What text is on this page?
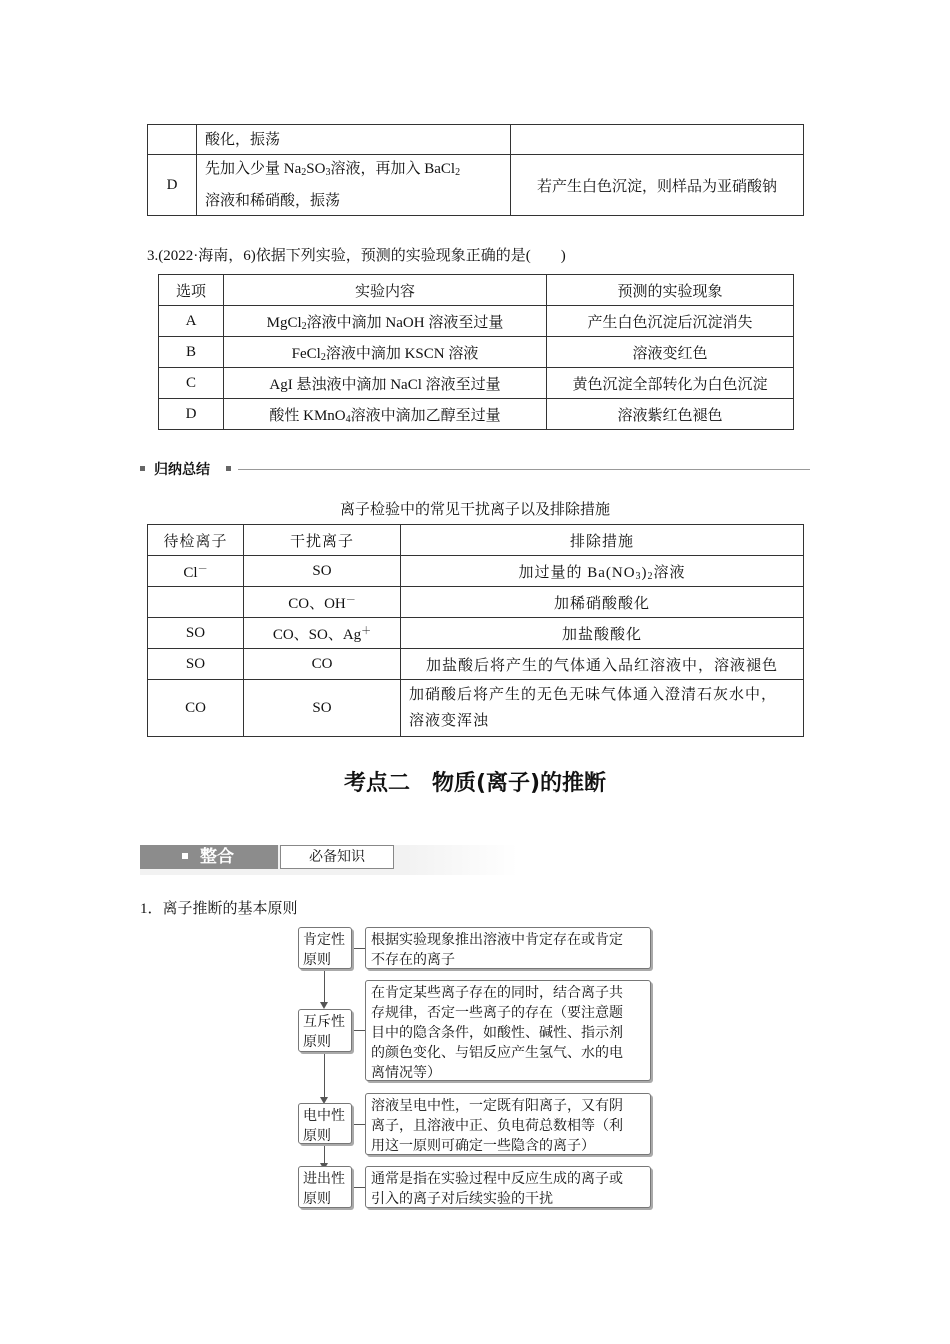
	酸化，振荡	
D	先加入少量 $Na_2SO_3$溶液，再加入 BaCl$_2$
溶液和稀硝酸，振荡	若产生白色沉淀，则样品为亚硝酸钠
3.(2022·海南，6)依据下列实验，预测的实验现象正确的是(　　)
选项	实验内容	预测的实验现象
A	MgCl$_2$溶液中滴加 NaOH 溶液至过量	产生白色沉淀后沉淀消失
B	FeCl$_2$溶液中滴加 KSCN 溶液	溶液变红色
C	AgI 悬浊液中滴加 NaCl 溶液至过量	黄色沉淀全部转化为白色沉淀
D	酸性 KMnO$_4$溶液中滴加乙醇至过量	溶液紫红色褪色
归纳总结
离子检验中的常见干扰离子以及排除措施
待检离子	干扰离子	排除措施
Cl－	SO	加过量的 $Ba(NO_3)_2$溶液
	CO、OH－	加稀硝酸酸化
SO	CO、SO、Ag＋	加盐酸酸化
SO	CO	加盐酸后将产生的气体通入品红溶液中，溶液褪色
CO	SO	加硝酸后将产生的无色无味气体通入澄清石灰水中，
溶液变浑浊
考点二　物质(离子)的推断
整合	必备知识
1．离子推断的基本原则
肯定性
原则
根据实验现象推出溶液中肯定存在或肯定
不存在的离子
互斥性
原则
在肯定某些离子存在的同时，结合离子共
存规律，否定一些离子的存在（要注意题
目中的隐含条件，如酸性、碱性、指示剂
的颜色变化、与铝反应产生氢气、水的电
离情况等）
电中性
原则
溶液呈电中性，一定既有阳离子，又有阴
离子，且溶液中正、负电荷总数相等（利
用这一原则可确定一些隐含的离子）
进出性
原则
通常是指在实验过程中反应生成的离子或
引入的离子对后续实验的干扰
